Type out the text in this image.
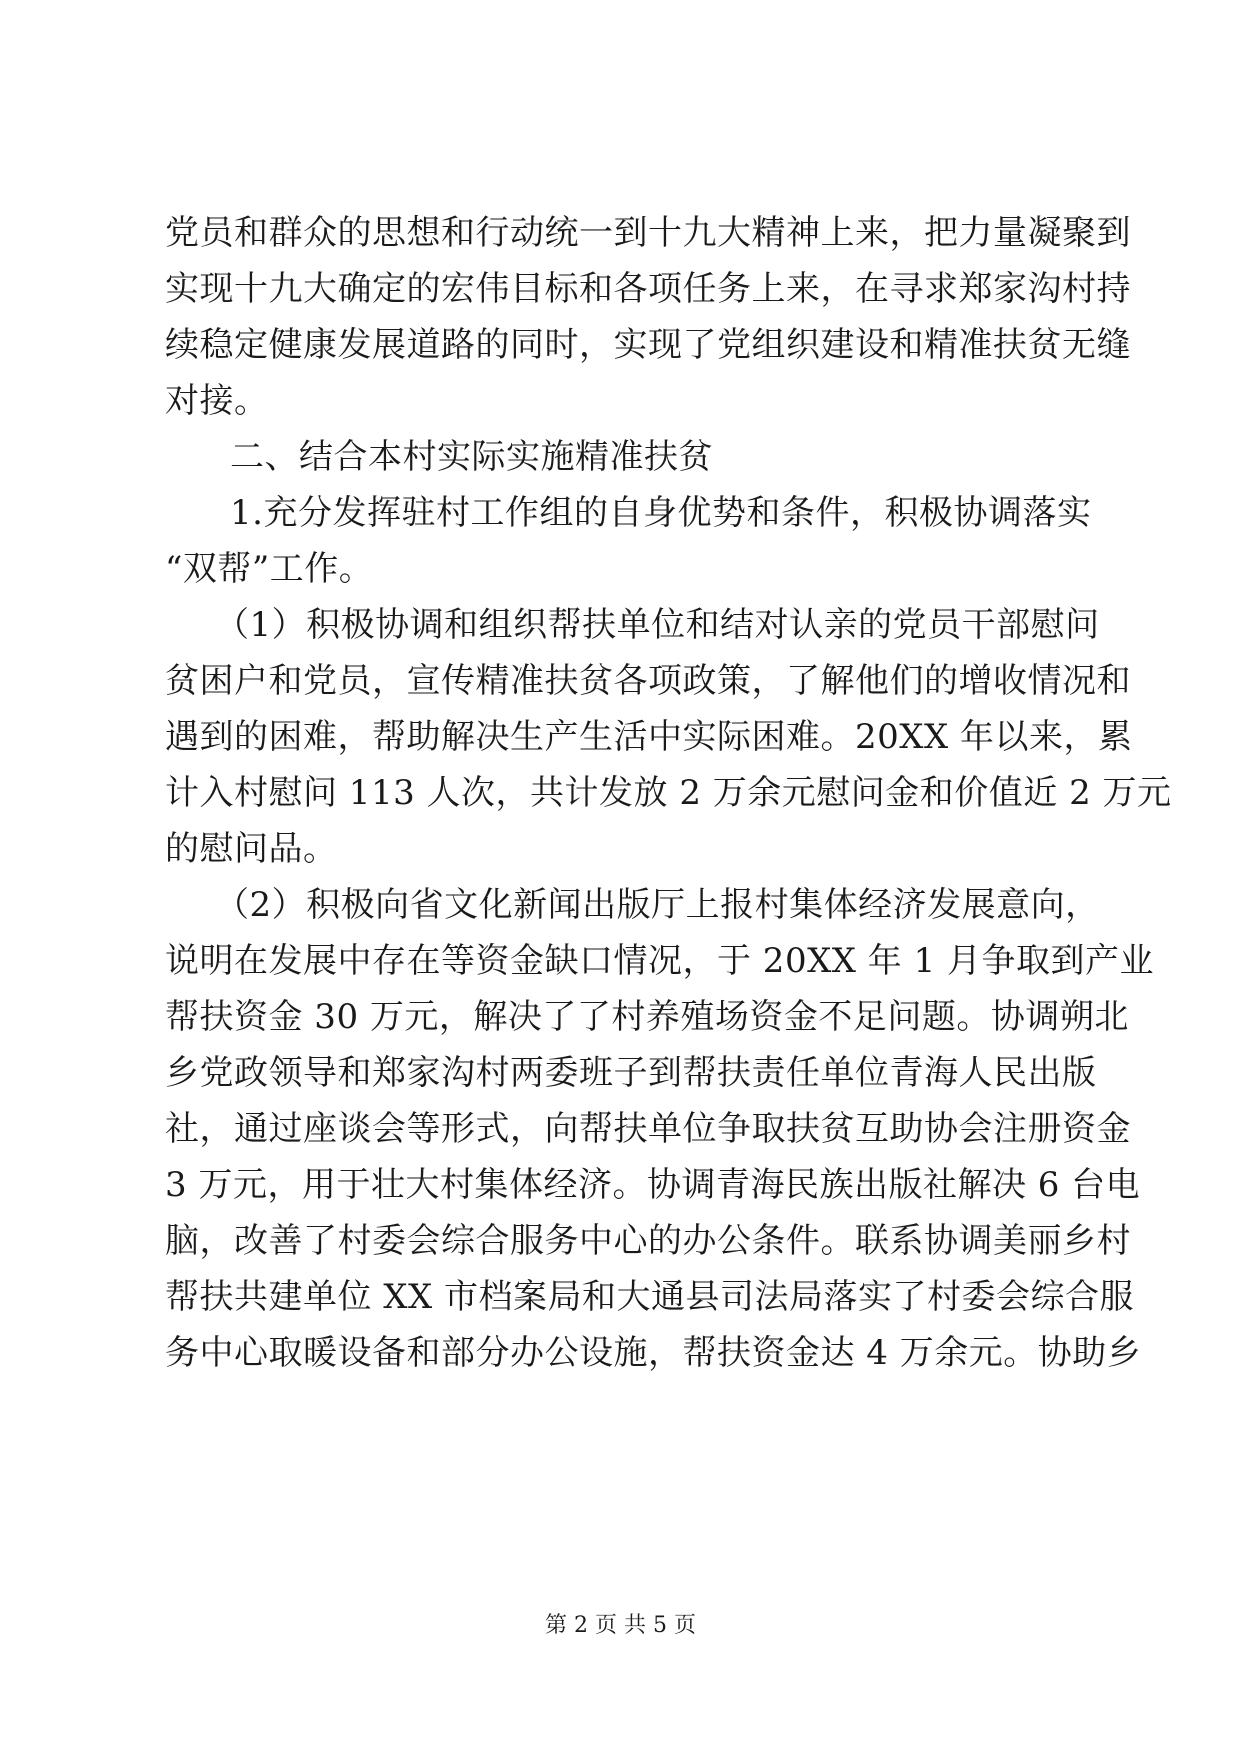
党员和群众的思想和行动统一到十九大精神上来，把力量凝聚到
实现十九大确定的宏伟目标和各项任务上来，在寻求郑家沟村持
续稳定健康发展道路的同时，实现了党组织建设和精准扶贫无缝
对接。
二、结合本村实际实施精准扶贫
1.充分发挥驻村工作组的自身优势和条件，积极协调落实
“双帮”工作。
（1）积极协调和组织帮扶单位和结对认亲的党员干部慰问
贫困户和党员，宣传精准扶贫各项政策，了解他们的增收情况和
遇到的困难，帮助解决生产生活中实际困难。20XX 年以来，累
计入村慰问 113 人次，共计发放 2 万余元慰问金和价值近 2 万元
的慰问品。
（2）积极向省文化新闻出版厅上报村集体经济发展意向，
说明在发展中存在等资金缺口情况，于 20XX 年 1 月争取到产业
帮扶资金 30 万元，解决了了村养殖场资金不足问题。协调朔北
乡党政领导和郑家沟村两委班子到帮扶责任单位青海人民出版
社，通过座谈会等形式，向帮扶单位争取扶贫互助协会注册资金
3 万元，用于壮大村集体经济。协调青海民族出版社解决 6 台电
脑，改善了村委会综合服务中心的办公条件。联系协调美丽乡村
帮扶共建单位 XX 市档案局和大通县司法局落实了村委会综合服
务中心取暖设备和部分办公设施，帮扶资金达 4 万余元。协助乡
第 2 页 共 5 页
